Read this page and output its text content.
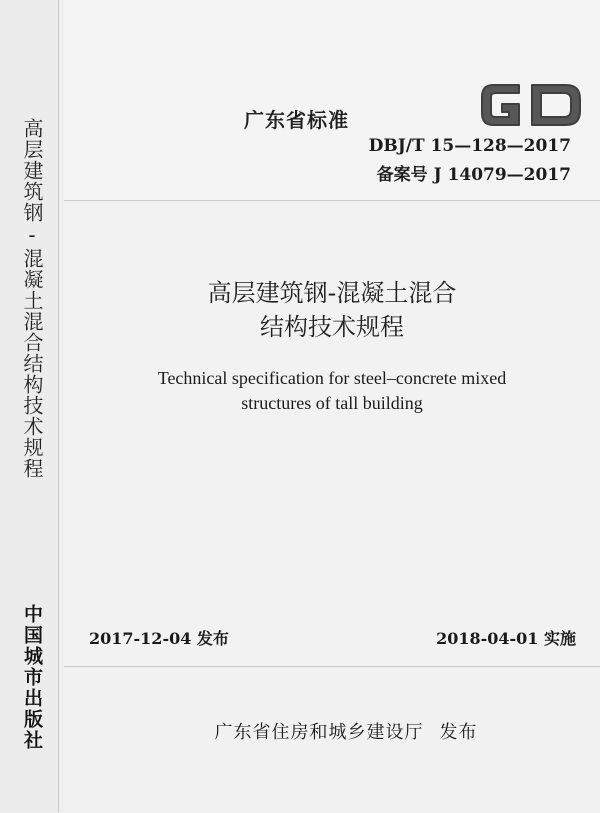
高层建筑钢-混凝土混合结构技术规程
中国城市出版社
广东省标准
DBJ/T 15—128—2017
备案号 J 14079—2017
高层建筑钢-混凝土混合
结构技术规程
Technical specification for steel–concrete mixed
structures of tall building
2017-12-04 发布	2018-04-01 实施
广东省住房和城乡建设厅 发布
